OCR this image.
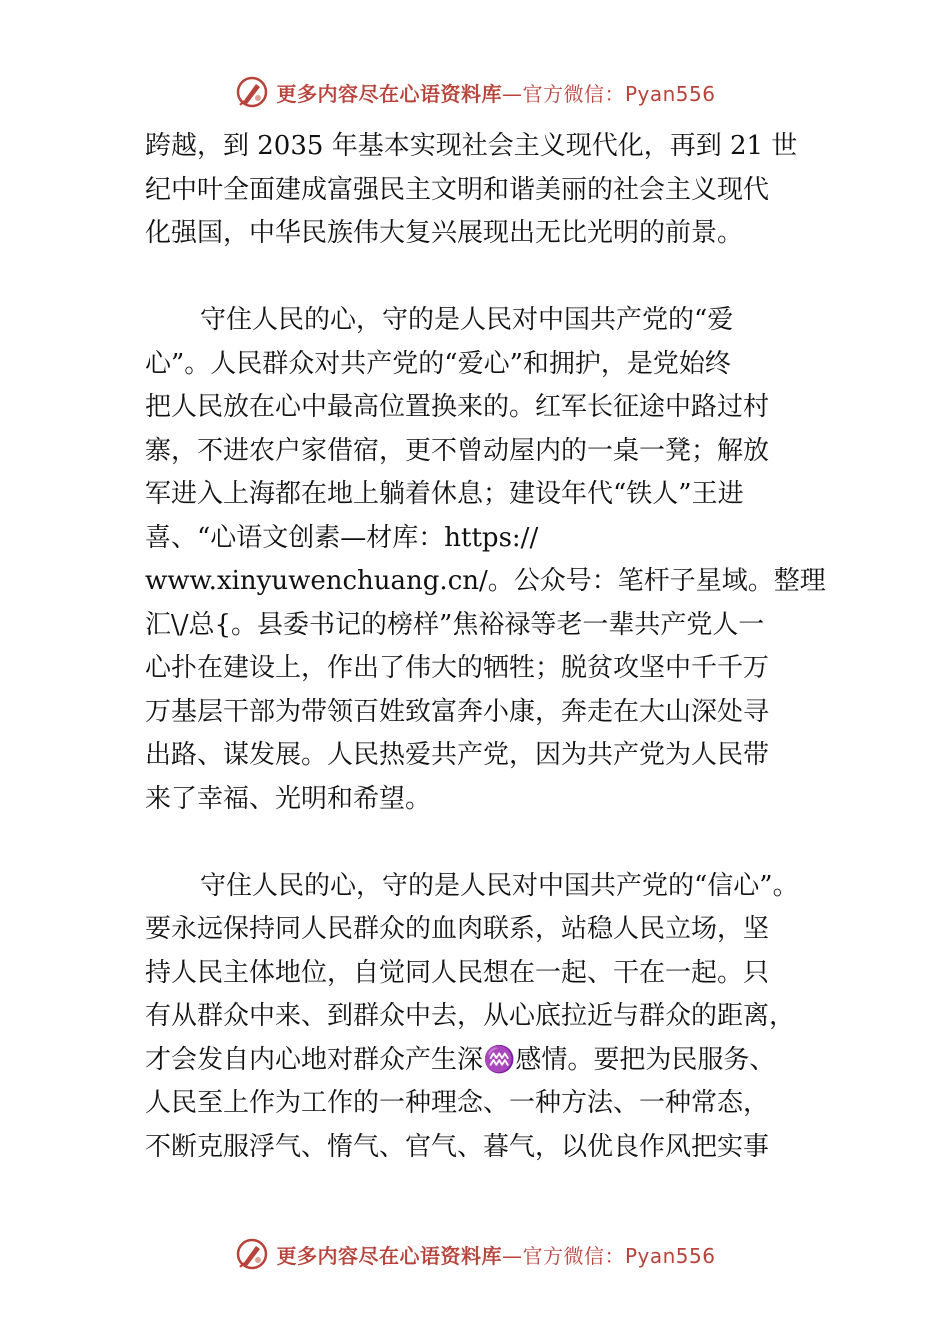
更多内容尽在心语资料库—官方微信：Pyan556
跨越，到 2035 年基本实现社会主义现代化，再到 21 世
纪中叶全面建成富强民主文明和谐美丽的社会主义现代
化强国，中华民族伟大复兴展现出无比光明的前景。
守住人民的心，守的是人民对中国共产党的“爱
心”。人民群众对共产党的“爱心”和拥护，是党始终
把人民放在心中最高位置换来的。红军长征途中路过村
寨，不进农户家借宿，更不曾动屋内的一桌一凳；解放
军进入上海都在地上躺着休息；建设年代“铁人”王进
喜、“心语文创素—材库：https://
www.xinyuwenchuang.cn/。公众号：笔杆子星域。整理
汇\/总{。县委书记的榜样”焦裕禄等老一辈共产党人一
心扑在建设上，作出了伟大的牺牲；脱贫攻坚中千千万
万基层干部为带领百姓致富奔小康，奔走在大山深处寻
出路、谋发展。人民热爱共产党，因为共产党为人民带
来了幸福、光明和希望。
守住人民的心，守的是人民对中国共产党的“信心”。
要永远保持同人民群众的血肉联系，站稳人民立场，坚
持人民主体地位，自觉同人民想在一起、干在一起。只
有从群众中来、到群众中去，从心底拉近与群众的距离，
才会发自内心地对群众产生深♒感情。要把为民服务、
人民至上作为工作的一种理念、一种方法、一种常态，
不断克服浮气、惰气、官气、暮气，以优良作风把实事
更多内容尽在心语资料库—官方微信：Pyan556
